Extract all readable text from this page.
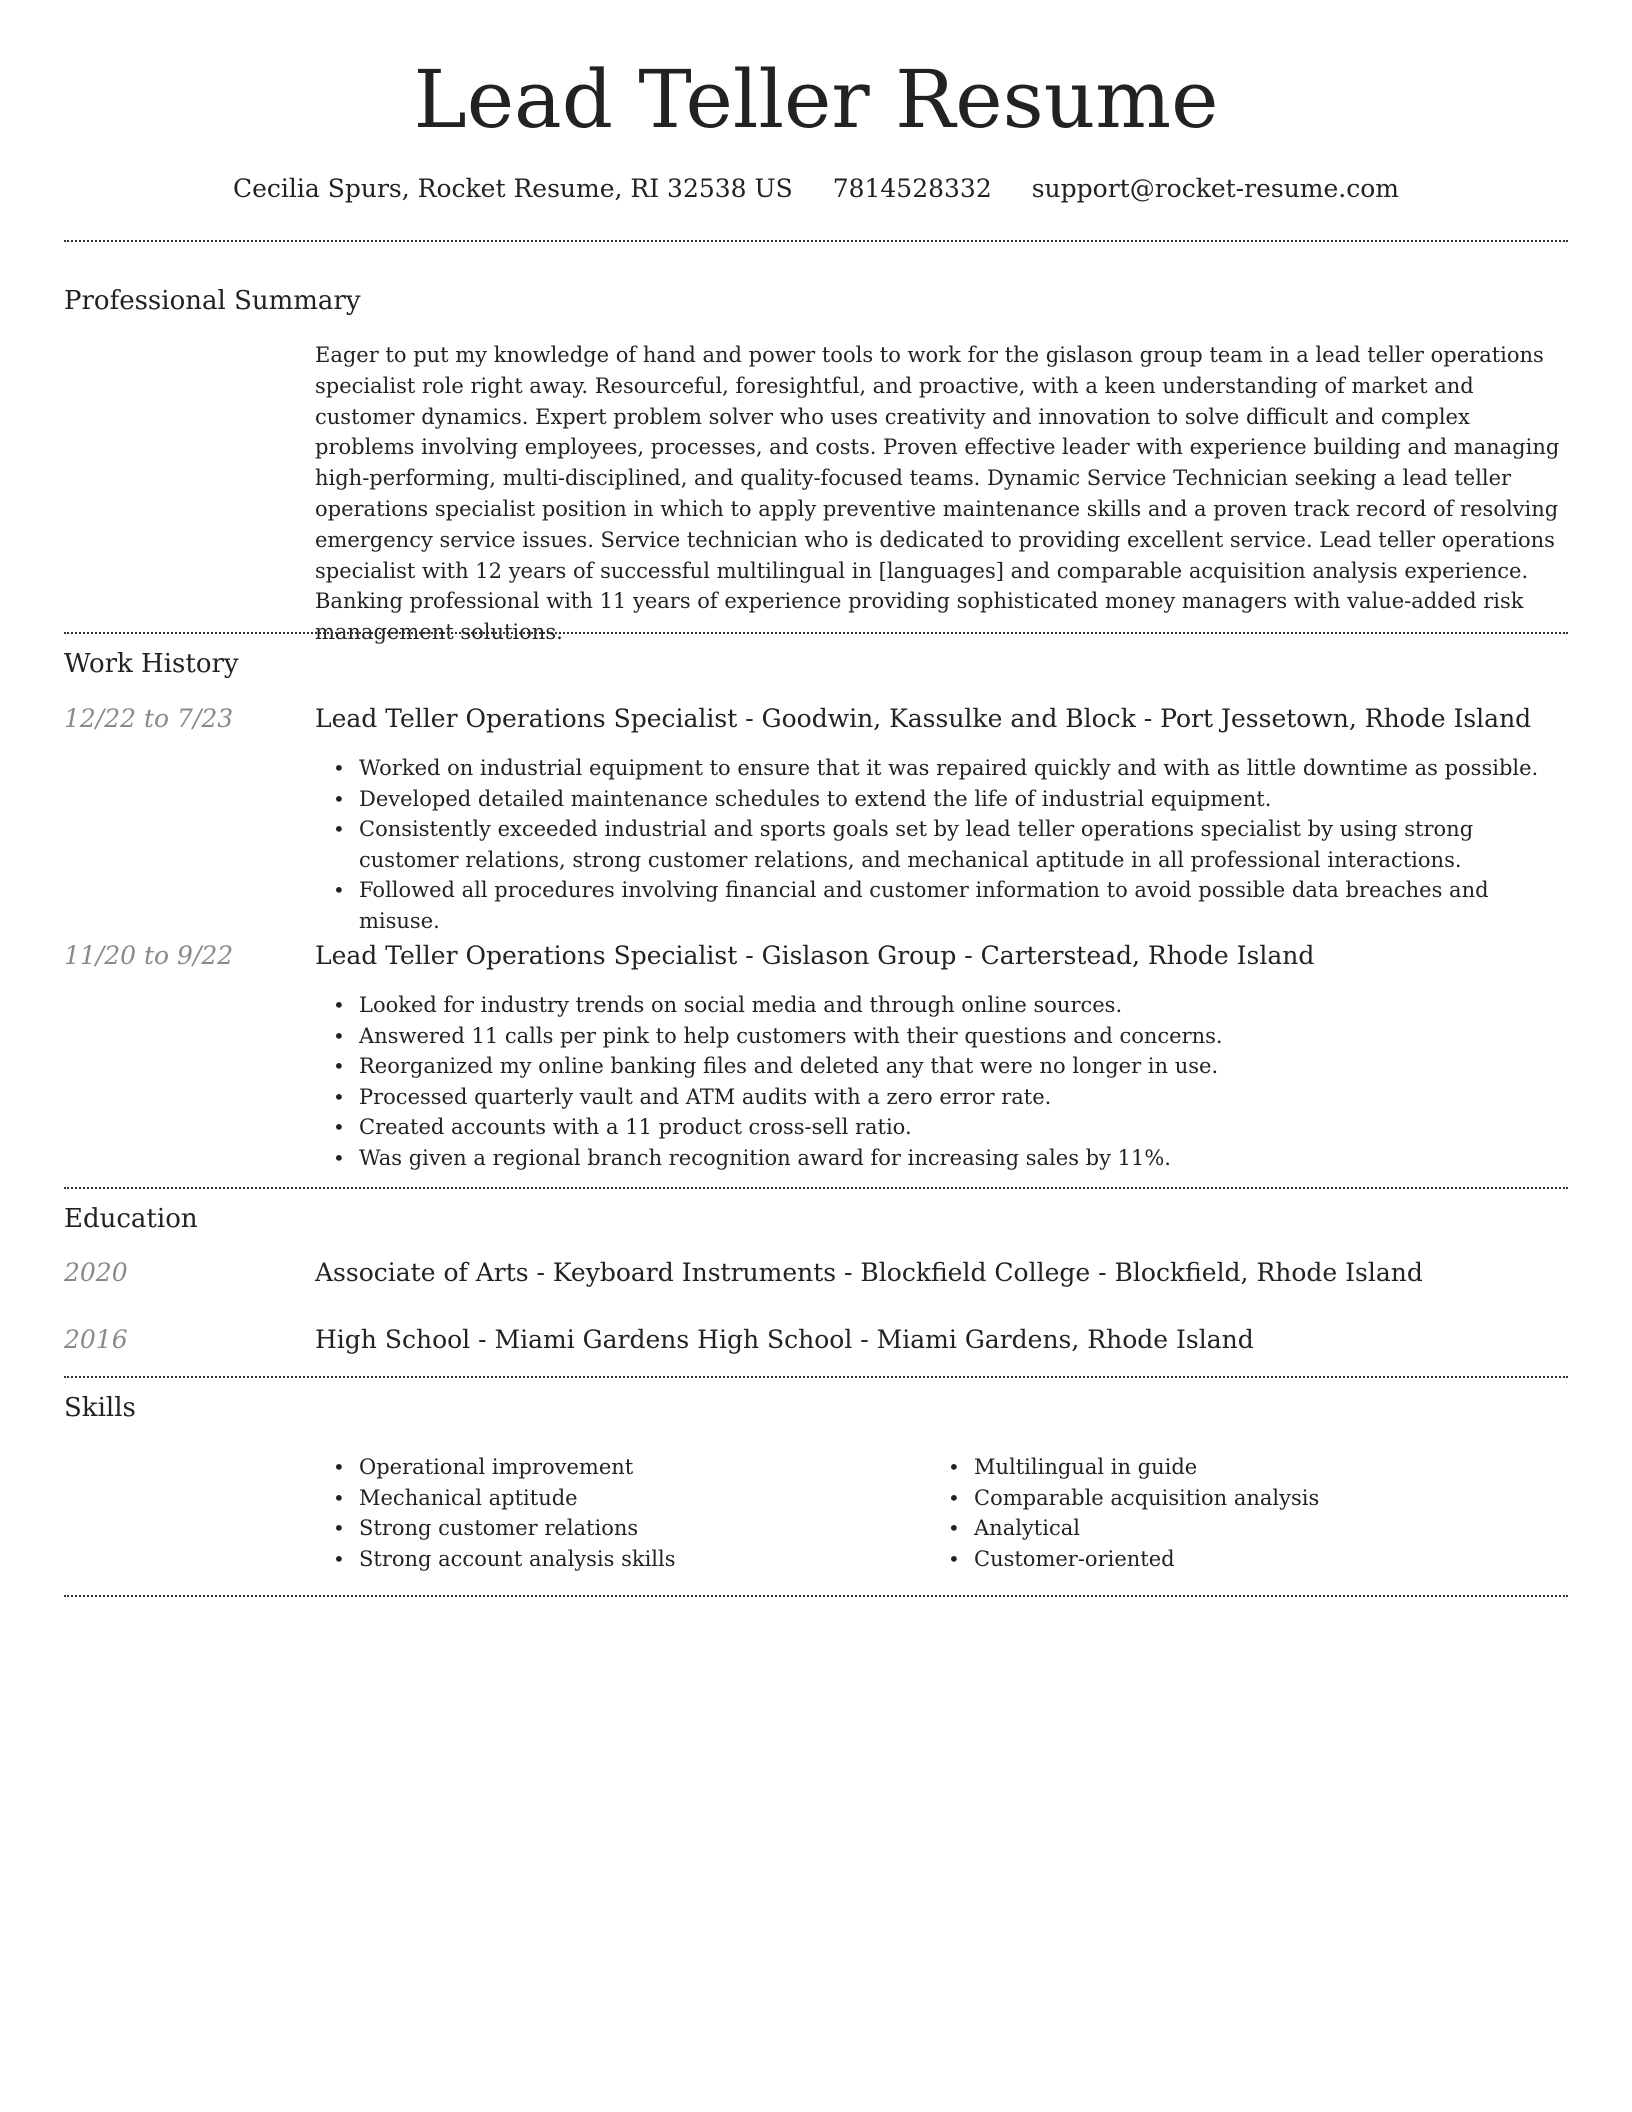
Lead Teller Resume
Cecilia Spurs, Rocket Resume, RI 32538 US 7814528332 support@rocket-resume.com
Professional Summary

Eager to put my knowledge of hand and power tools to work for the gislason group team in a lead teller operations specialist role right away. Resourceful, foresightful, and proactive, with a keen understanding of market and customer dynamics. Expert problem solver who uses creativity and innovation to solve difficult and complex problems involving employees, processes, and costs. Proven effective leader with experience building and managing high-performing, multi-disciplined, and quality-focused teams. Dynamic Service Technician seeking a lead teller operations specialist position in which to apply preventive maintenance skills and a proven track record of resolving emergency service issues. Service technician who is dedicated to providing excellent service. Lead teller operations specialist with 12 years of successful multilingual in [languages] and comparable acquisition analysis experience. Banking professional with 11 years of experience providing sophisticated money managers with value-added risk management solutions.

Work History
12/22 to 7/23	Lead Teller Operations Specialist - Goodwin, Kassulke and Block - Port Jessetown, Rhode Island
• Worked on industrial equipment to ensure that it was repaired quickly and with as little downtime as possible.
• Developed detailed maintenance schedules to extend the life of industrial equipment.
• Consistently exceeded industrial and sports goals set by lead teller operations specialist by using strong customer relations, strong customer relations, and mechanical aptitude in all professional interactions.
• Followed all procedures involving financial and customer information to avoid possible data breaches and misuse.
11/20 to 9/22	Lead Teller Operations Specialist - Gislason Group - Carterstead, Rhode Island
• Looked for industry trends on social media and through online sources.
• Answered 11 calls per pink to help customers with their questions and concerns.
• Reorganized my online banking files and deleted any that were no longer in use.
• Processed quarterly vault and ATM audits with a zero error rate.
• Created accounts with a 11 product cross-sell ratio.
• Was given a regional branch recognition award for increasing sales by 11%.
Education
2020	Associate of Arts - Keyboard Instruments - Blockfield College - Blockfield, Rhode Island
2016	High School - Miami Gardens High School - Miami Gardens, Rhode Island
Skills
• Operational improvement
• Mechanical aptitude
• Strong customer relations
• Strong account analysis skills
• Multilingual in guide
• Comparable acquisition analysis
• Analytical
• Customer-oriented
